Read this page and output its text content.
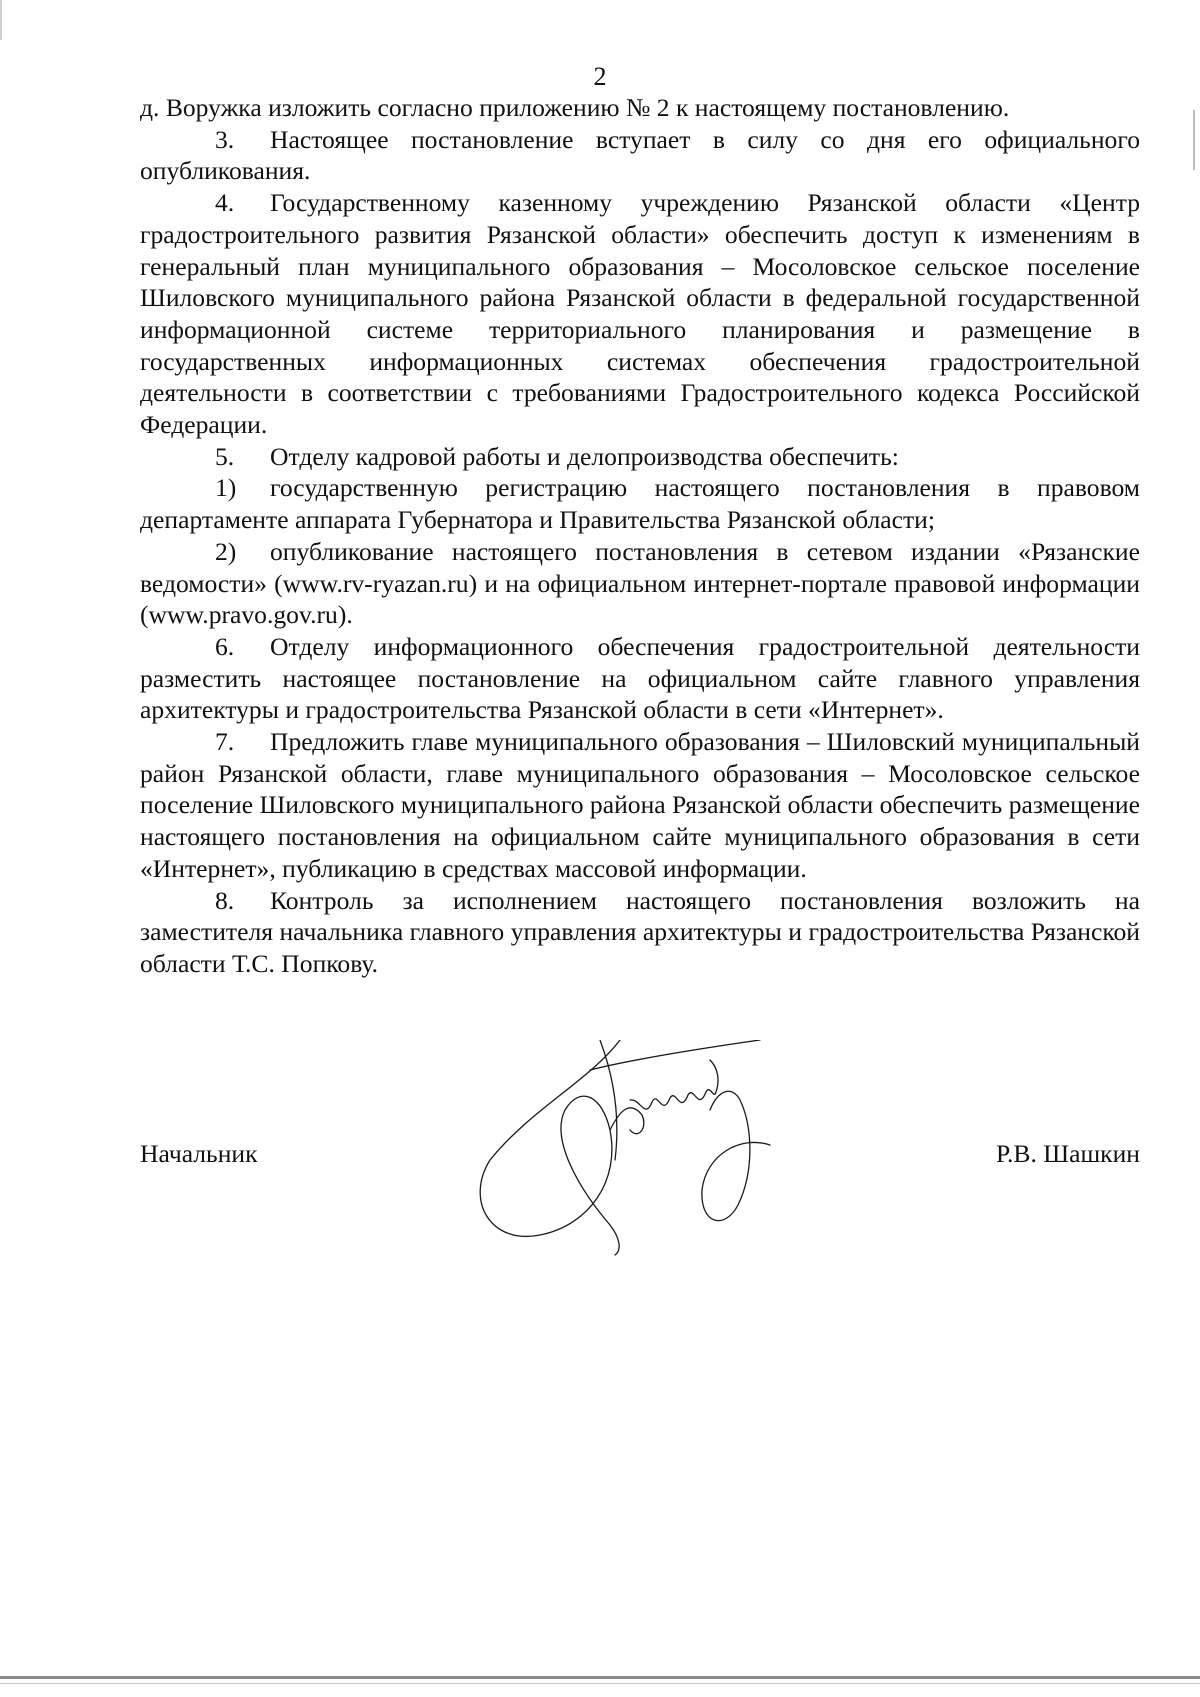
2

д. Воружка изложить согласно приложению № 2 к настоящему постановлению.

3. Настоящее постановление вступает в силу со дня его официального опубликования.

4. Государственному казенному учреждению Рязанской области «Центр градостроительного развития Рязанской области» обеспечить доступ к изменениям в генеральный план муниципального образования – Мосоловское сельское поселение Шиловского муниципального района Рязанской области в федеральной государственной информационной системе территориального планирования и размещение в государственных информационных системах обеспечения градостроительной деятельности в соответствии с требованиями Градостроительного кодекса Российской Федерации.

5. Отделу кадровой работы и делопроизводства обеспечить:

1) государственную регистрацию настоящего постановления в правовом департаменте аппарата Губернатора и Правительства Рязанской области;

2) опубликование настоящего постановления в сетевом издании «Рязанские ведомости» (www.rv-ryazan.ru) и на официальном интернет-портале правовой информации (www.pravo.gov.ru).

6. Отделу информационного обеспечения градостроительной деятельности разместить настоящее постановление на официальном сайте главного управления архитектуры и градостроительства Рязанской области в сети «Интернет».

7. Предложить главе муниципального образования – Шиловский муниципальный район Рязанской области, главе муниципального образования – Мосоловское сельское поселение Шиловского муниципального района Рязанской области обеспечить размещение настоящего постановления на официальном сайте муниципального образования в сети «Интернет», публикацию в средствах массовой информации.

8. Контроль за исполнением настоящего постановления возложить на заместителя начальника главного управления архитектуры и градостроительства Рязанской области Т.С. Попкову.

Начальник	Р.В. Шашкин
